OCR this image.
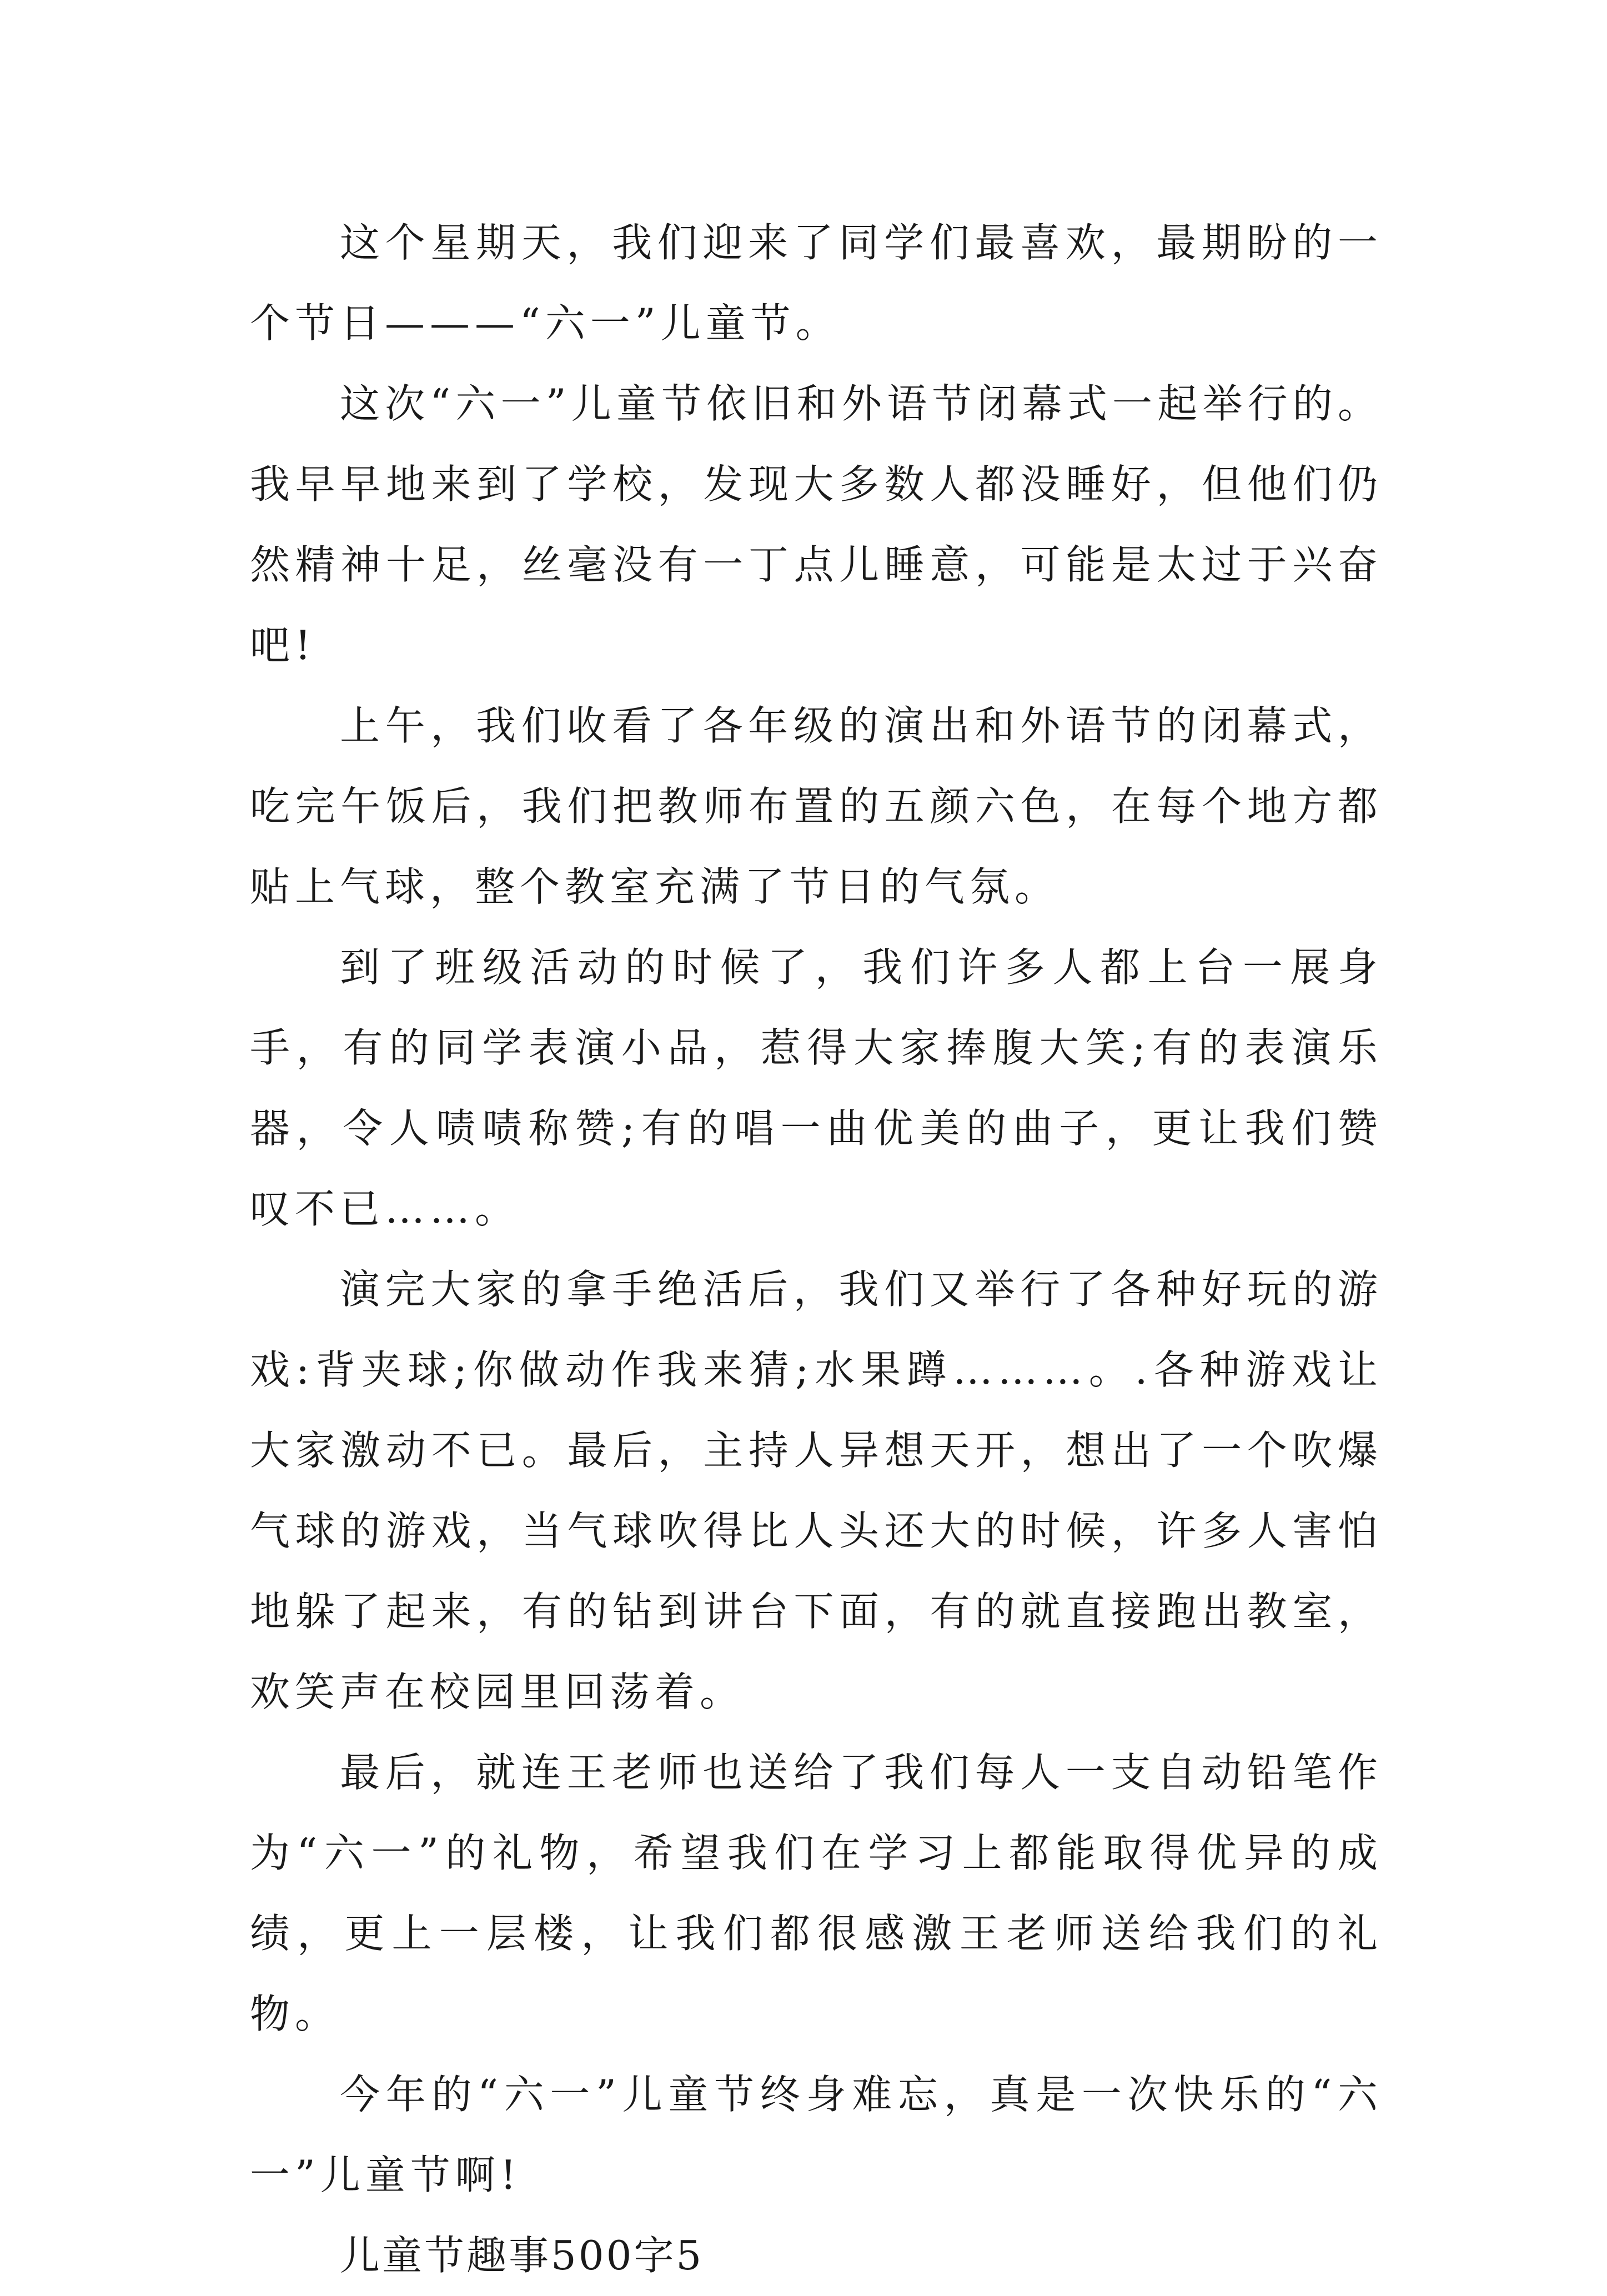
这个星期天，我们迎来了同学们最喜欢，最期盼的一个节日———“六一”儿童节。

这次“六一”儿童节依旧和外语节闭幕式一起举行的。我早早地来到了学校，发现大多数人都没睡好，但他们仍然精神十足，丝毫没有一丁点儿睡意，可能是太过于兴奋吧!

上午，我们收看了各年级的演出和外语节的闭幕式，吃完午饭后，我们把教师布置的五颜六色，在每个地方都贴上气球，整个教室充满了节日的气氛。

到了班级活动的时候了，我们许多人都上台一展身手，有的同学表演小品，惹得大家捧腹大笑;有的表演乐器，令人啧啧称赞;有的唱一曲优美的曲子，更让我们赞叹不已……。

演完大家的拿手绝活后，我们又举行了各种好玩的游戏:背夹球;你做动作我来猜;水果蹲………。.各种游戏让大家激动不已。最后，主持人异想天开，想出了一个吹爆气球的游戏，当气球吹得比人头还大的时候，许多人害怕地躲了起来，有的钻到讲台下面，有的就直接跑出教室，欢笑声在校园里回荡着。

最后，就连王老师也送给了我们每人一支自动铅笔作为“六一”的礼物，希望我们在学习上都能取得优异的成绩，更上一层楼，让我们都很感激王老师送给我们的礼物。

今年的“六一”儿童节终身难忘，真是一次快乐的“六一”儿童节啊!

儿童节趣事500字5
